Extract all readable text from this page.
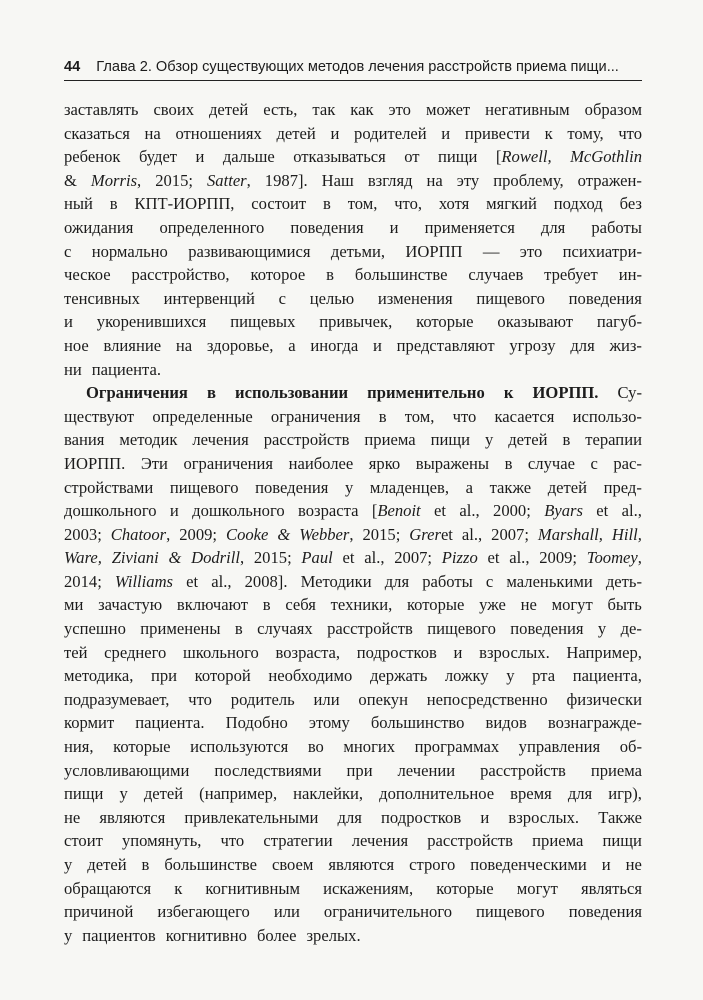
44 Глава 2. Обзор существующих методов лечения расстройств приема пищи...
заставлять своих детей есть, так как это может негативным образом
сказаться на отношениях детей и родителей и привести к тому, что
ребенок будет и дальше отказываться от пищи [Rowell, McGothlin
& Morris, 2015; Satter, 1987]. Наш взгляд на эту проблему, отражен-
ный в КПТ-ИОРПП, состоит в том, что, хотя мягкий подход без
ожидания определенного поведения и применяется для работы
с нормально развивающимися детьми, ИОРПП — это психиатри-
ческое расстройство, которое в большинстве случаев требует ин-
тенсивных интервенций с целью изменения пищевого поведения
и укоренившихся пищевых привычек, которые оказывают пагуб-
ное влияние на здоровье, а иногда и представляют угрозу для жиз-
ни пациента.
Ограничения в использовании применительно к ИОРПП. Су-
ществуют определенные ограничения в том, что касается использо-
вания методик лечения расстройств приема пищи у детей в терапии
ИОРПП. Эти ограничения наиболее ярко выражены в случае с рас-
стройствами пищевого поведения у младенцев, а также детей пред-
дошкольного и дошкольного возраста [Benoit et al., 2000; Byars et al.,
2003; Chatoor, 2009; Cooke & Webber, 2015; Greret al., 2007; Marshall, Hill,
Ware, Ziviani & Dodrill, 2015; Paul et al., 2007; Pizzo et al., 2009; Toomey,
2014; Williams et al., 2008]. Методики для работы с маленькими деть-
ми зачастую включают в себя техники, которые уже не могут быть
успешно применены в случаях расстройств пищевого поведения у де-
тей среднего школьного возраста, подростков и взрослых. Например,
методика, при которой необходимо держать ложку у рта пациента,
подразумевает, что родитель или опекун непосредственно физически
кормит пациента. Подобно этому большинство видов вознагражде-
ния, которые используются во многих программах управления об-
условливающими последствиями при лечении расстройств приема
пищи у детей (например, наклейки, дополнительное время для игр),
не являются привлекательными для подростков и взрослых. Также
стоит упомянуть, что стратегии лечения расстройств приема пищи
у детей в большинстве своем являются строго поведенческими и не
обращаются к когнитивным искажениям, которые могут являться
причиной избегающего или ограничительного пищевого поведения
у пациентов когнитивно более зрелых.
